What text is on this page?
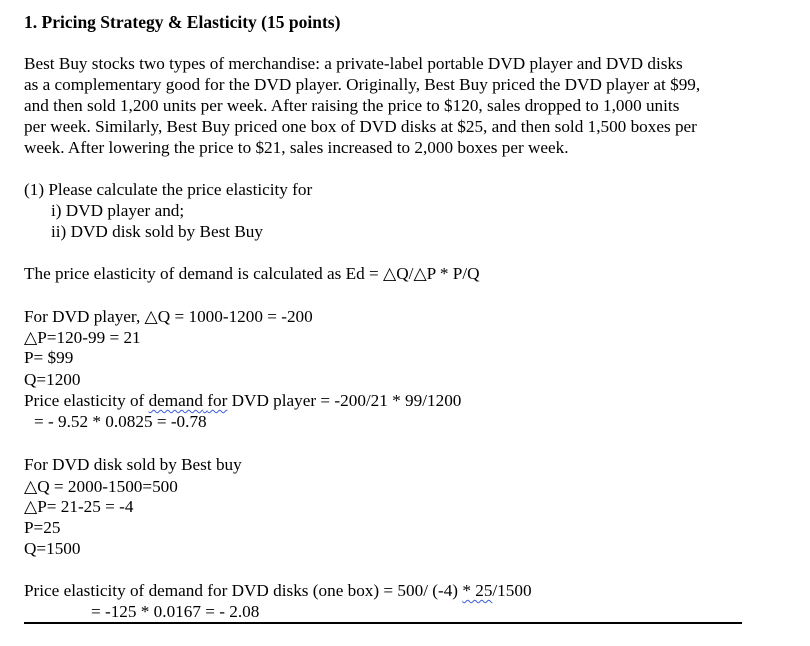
1. Pricing Strategy & Elasticity (15 points)

Best Buy stocks two types of merchandise: a private-label portable DVD player and DVD disks
as a complementary good for the DVD player. Originally, Best Buy priced the DVD player at $99,
and then sold 1,200 units per week. After raising the price to $120, sales dropped to 1,000 units
per week. Similarly, Best Buy priced one box of DVD disks at $25, and then sold 1,500 boxes per
week. After lowering the price to $21, sales increased to 2,000 boxes per week.

(1) Please calculate the price elasticity for
i) DVD player and;
ii) DVD disk sold by Best Buy
The price elasticity of demand is calculated as Ed = △Q/△P * P/Q
For DVD player, △Q = 1000-1200 = -200
△P=120-99 = 21
P= $99
Q=1200
Price elasticity of demand for DVD player = -200/21 * 99/1200
= - 9.52 * 0.0825 = -0.78
For DVD disk sold by Best buy
△Q = 2000-1500=500
△P= 21-25 = -4
P=25
Q=1500
Price elasticity of demand for DVD disks (one box) = 500/ (-4) * 25/1500
= -125 * 0.0167 = - 2.08
